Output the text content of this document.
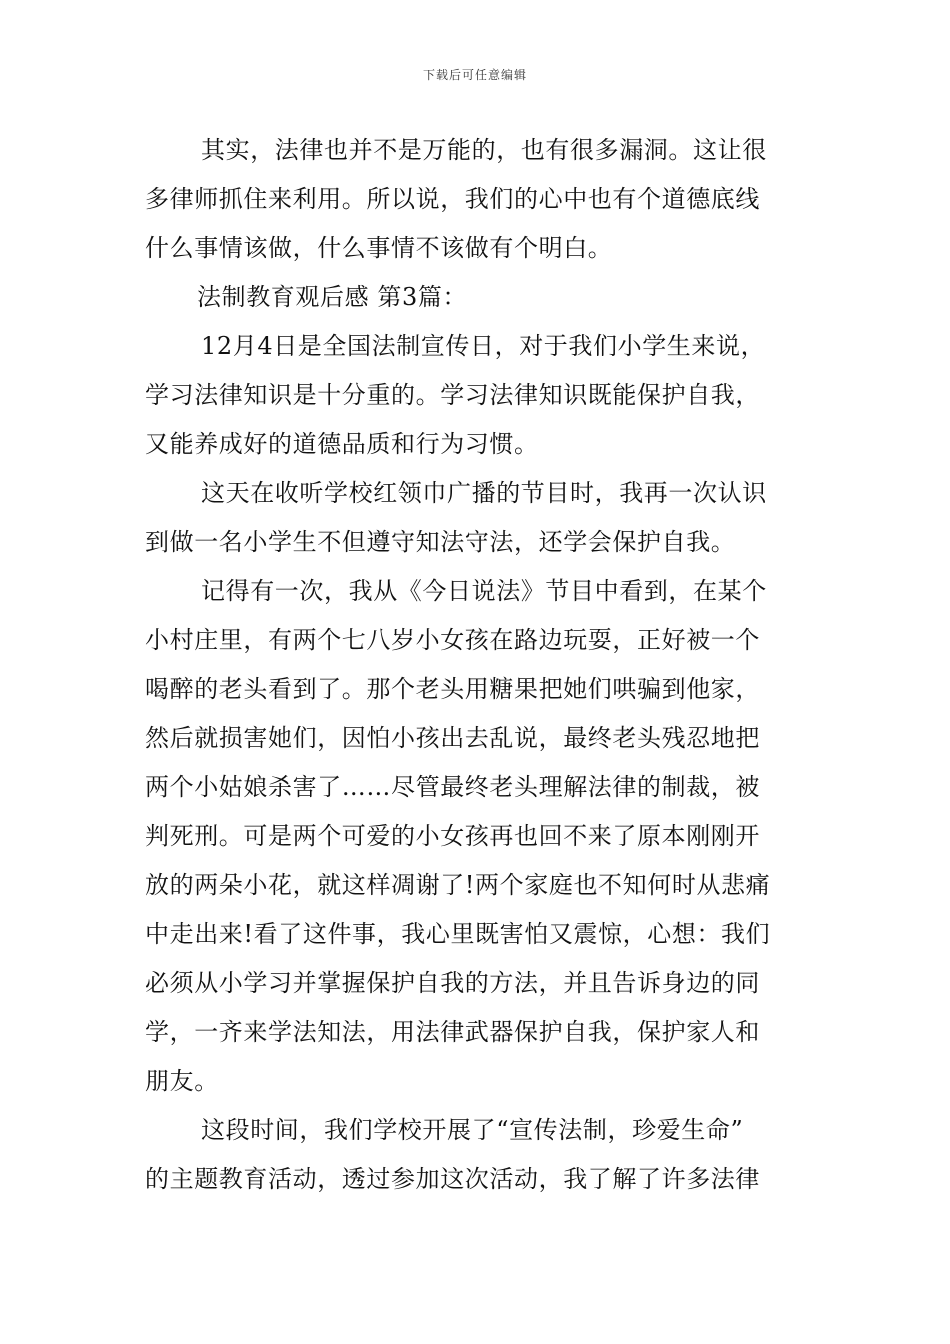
下载后可任意编辑
其实，法律也并不是万能的，也有很多漏洞。这让很
多律师抓住来利用。所以说，我们的心中也有个道德底线
什么事情该做，什么事情不该做有个明白。
法制教育观后感 第3篇：
12月4日是全国法制宣传日，对于我们小学生来说，
学习法律知识是十分重的。学习法律知识既能保护自我，
又能养成好的道德品质和行为习惯。
这天在收听学校红领巾广播的节目时，我再一次认识
到做一名小学生不但遵守知法守法，还学会保护自我。
记得有一次，我从《今日说法》节目中看到，在某个
小村庄里，有两个七八岁小女孩在路边玩耍，正好被一个
喝醉的老头看到了。那个老头用糖果把她们哄骗到他家，
然后就损害她们，因怕小孩出去乱说，最终老头残忍地把
两个小姑娘杀害了……尽管最终老头理解法律的制裁，被
判死刑。可是两个可爱的小女孩再也回不来了原本刚刚开
放的两朵小花，就这样凋谢了!两个家庭也不知何时从悲痛
中走出来!看了这件事，我心里既害怕又震惊，心想：我们
必须从小学习并掌握保护自我的方法，并且告诉身边的同
学，一齐来学法知法，用法律武器保护自我，保护家人和
朋友。
这段时间，我们学校开展了“宣传法制，珍爱生命”
的主题教育活动，透过参加这次活动，我了解了许多法律
